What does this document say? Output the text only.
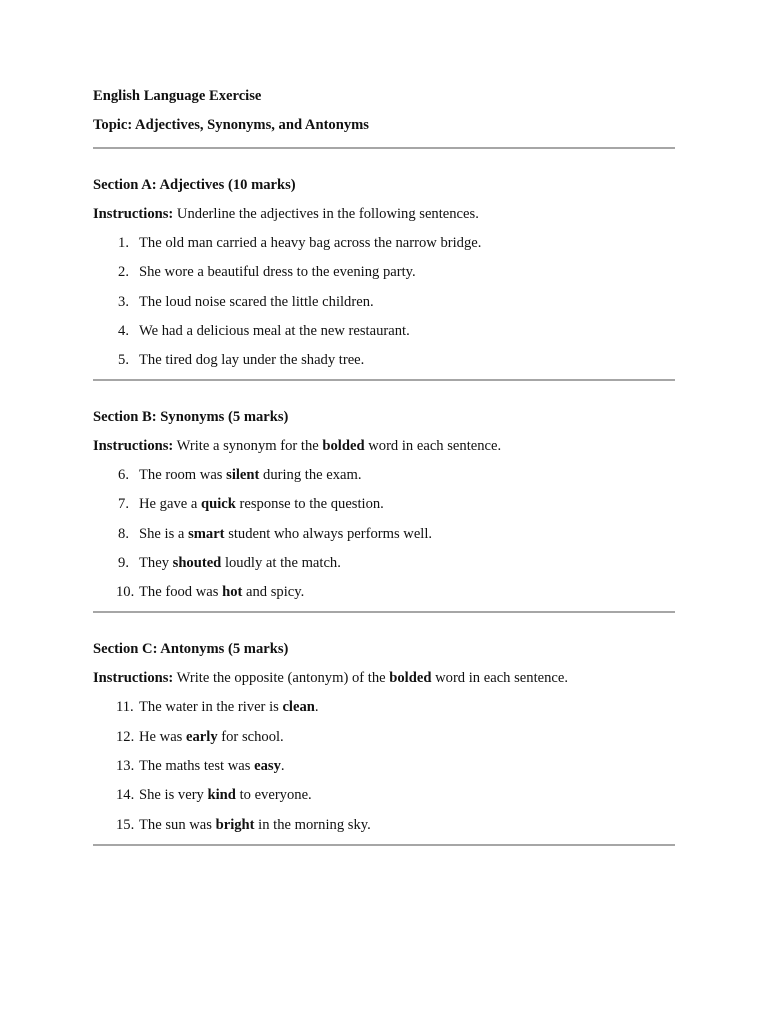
English Language Exercise
Topic: Adjectives, Synonyms, and Antonyms
Section A: Adjectives (10 marks)
Instructions: Underline the adjectives in the following sentences.
1. The old man carried a heavy bag across the narrow bridge.
2. She wore a beautiful dress to the evening party.
3. The loud noise scared the little children.
4. We had a delicious meal at the new restaurant.
5. The tired dog lay under the shady tree.
Section B: Synonyms (5 marks)
Instructions: Write a synonym for the bolded word in each sentence.
6. The room was silent during the exam.
7. He gave a quick response to the question.
8. She is a smart student who always performs well.
9. They shouted loudly at the match.
10. The food was hot and spicy.
Section C: Antonyms (5 marks)
Instructions: Write the opposite (antonym) of the bolded word in each sentence.
11. The water in the river is clean.
12. He was early for school.
13. The maths test was easy.
14. She is very kind to everyone.
15. The sun was bright in the morning sky.
